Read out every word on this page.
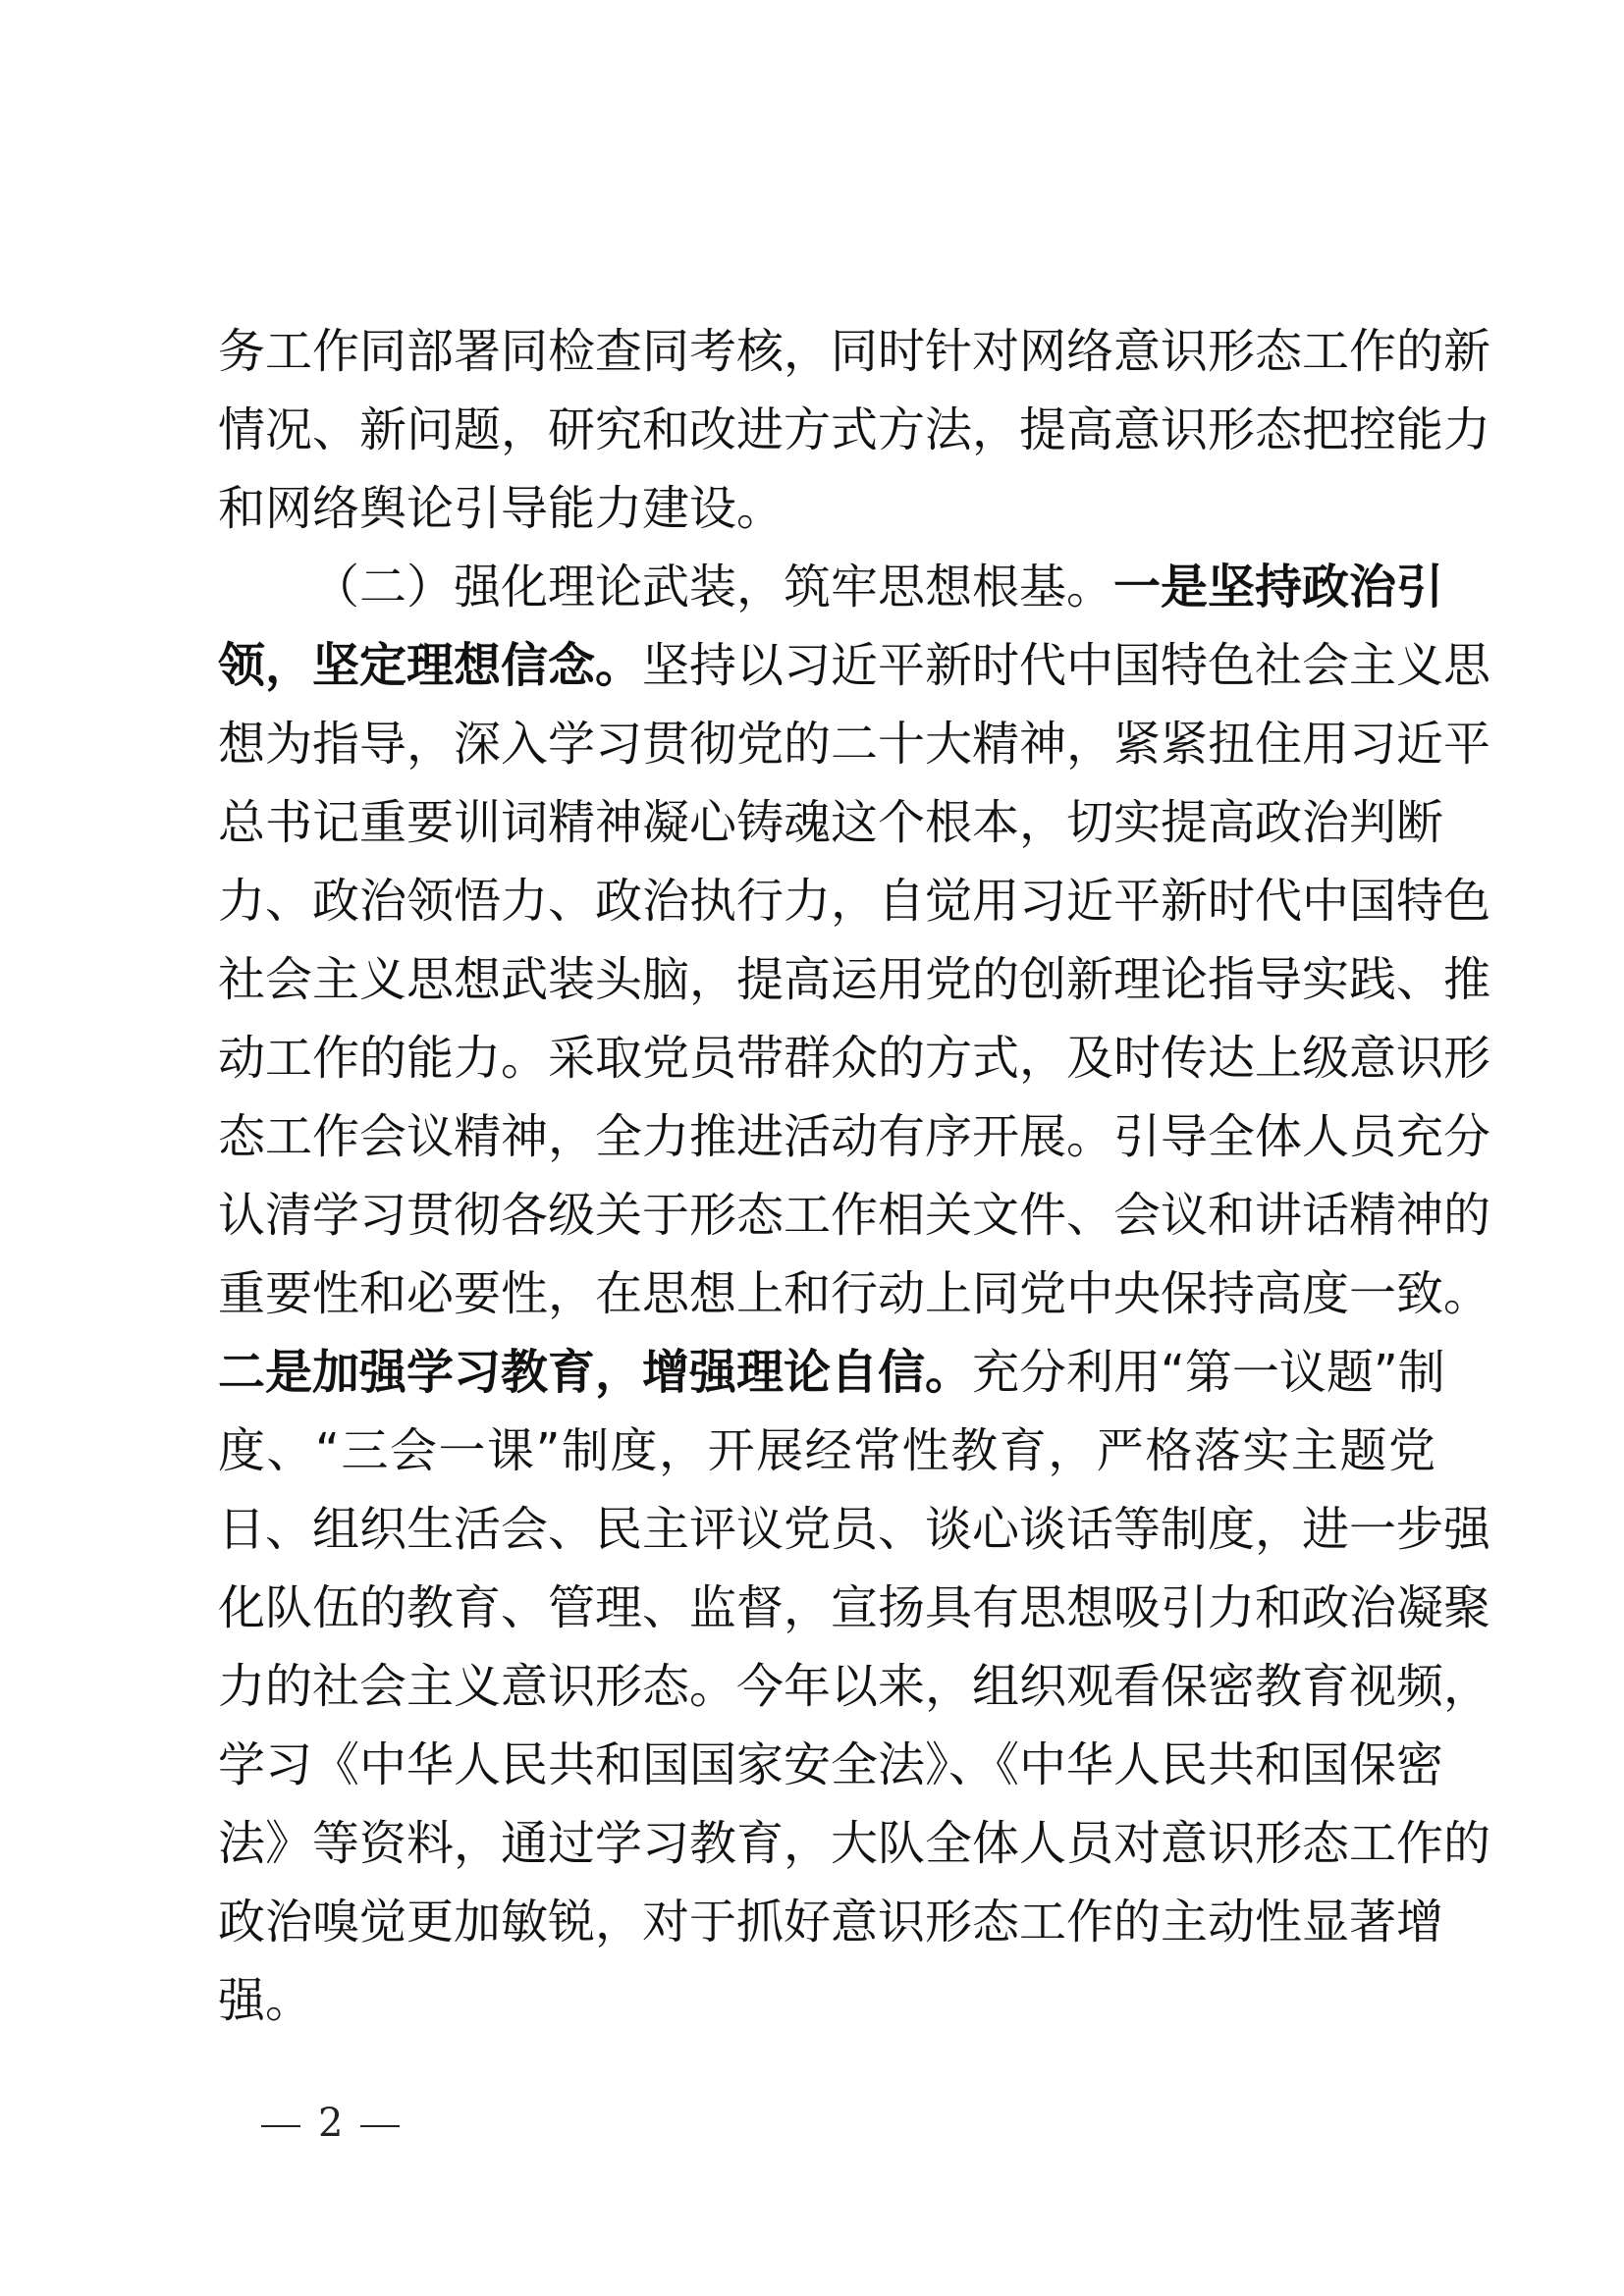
务工作同部署同检查同考核，同时针对网络意识形态工作的新
情况、新问题，研究和改进方式方法，提高意识形态把控能力
和网络舆论引导能力建设。
（二）强化理论武装，筑牢思想根基。一是坚持政治引
领，坚定理想信念。坚持以习近平新时代中国特色社会主义思
想为指导，深入学习贯彻党的二十大精神，紧紧扭住用习近平
总书记重要训词精神凝心铸魂这个根本，切实提高政治判断
力、政治领悟力、政治执行力，自觉用习近平新时代中国特色
社会主义思想武装头脑，提高运用党的创新理论指导实践、推
动工作的能力。采取党员带群众的方式，及时传达上级意识形
态工作会议精神，全力推进活动有序开展。引导全体人员充分
认清学习贯彻各级关于形态工作相关文件、会议和讲话精神的
重要性和必要性，在思想上和行动上同党中央保持高度一致。
二是加强学习教育，增强理论自信。充分利用“第一议题”制
度、“三会一课”制度，开展经常性教育，严格落实主题党
日、组织生活会、民主评议党员、谈心谈话等制度，进一步强
化队伍的教育、管理、监督，宣扬具有思想吸引力和政治凝聚
力的社会主义意识形态。今年以来，组织观看保密教育视频，
学习《中华人民共和国国家安全法》、《中华人民共和国保密
法》等资料，通过学习教育，大队全体人员对意识形态工作的
政治嗅觉更加敏锐，对于抓好意识形态工作的主动性显著增
强。
2
